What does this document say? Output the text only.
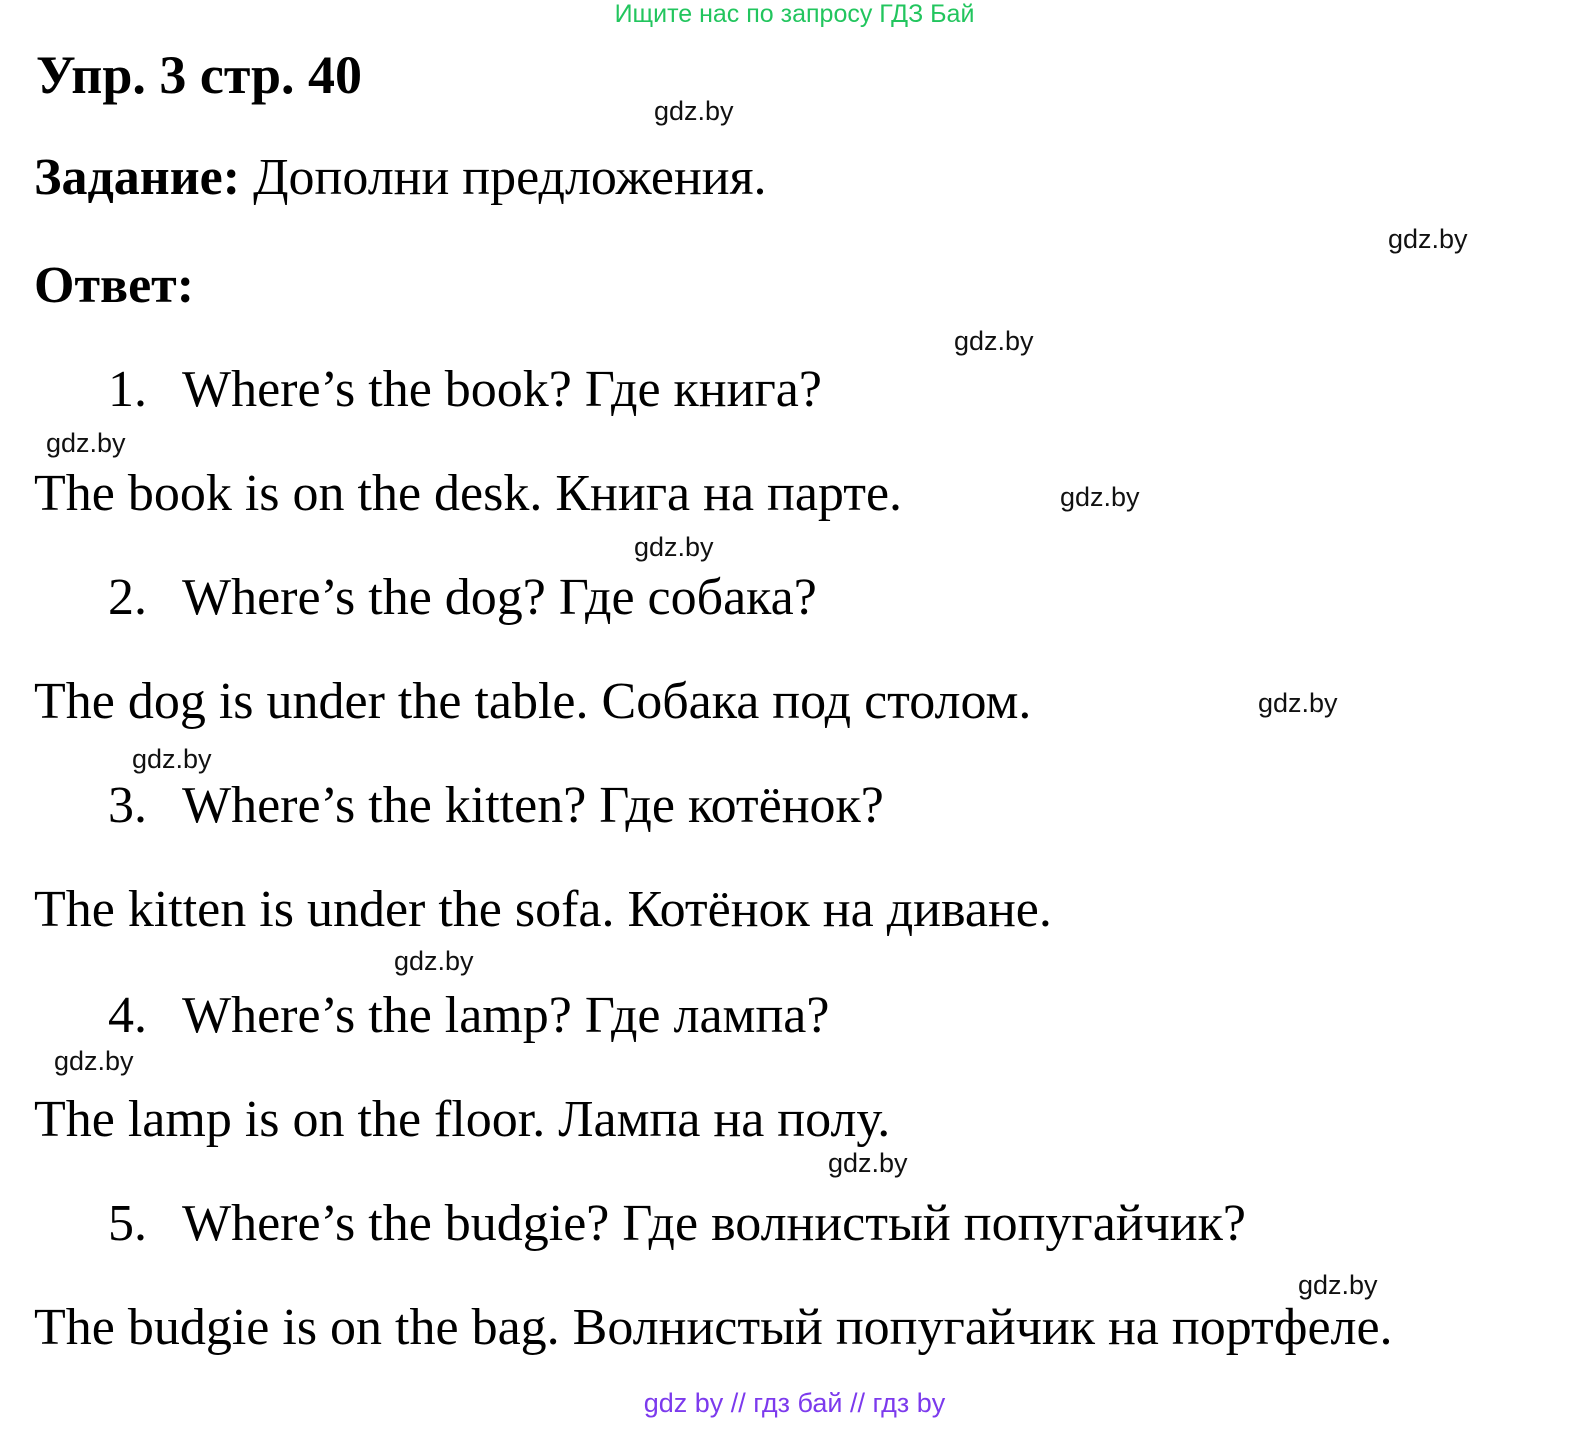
Ищите нас по запросу ГДЗ Бай
Упр. 3 стр. 40
Задание: Дополни предложения.
Ответ:
1. Where’s the book? Где книга?
The book is on the desk. Книга на парте.
2. Where’s the dog? Где собака?
The dog is under the table. Собака под столом.
3. Where’s the kitten? Где котёнок?
The kitten is under the sofa. Котёнок на диване.
4. Where’s the lamp? Где лампа?
The lamp is on the floor. Лампа на полу.
5. Where’s the budgie? Где волнистый попугайчик?
The budgie is on the bag. Волнистый попугайчик на портфеле.
gdz.by
gdz.by
gdz.by
gdz.by
gdz.by
gdz.by
gdz.by
gdz.by
gdz.by
gdz.by
gdz.by
gdz.by
gdz by // гдз бай // гдз by
